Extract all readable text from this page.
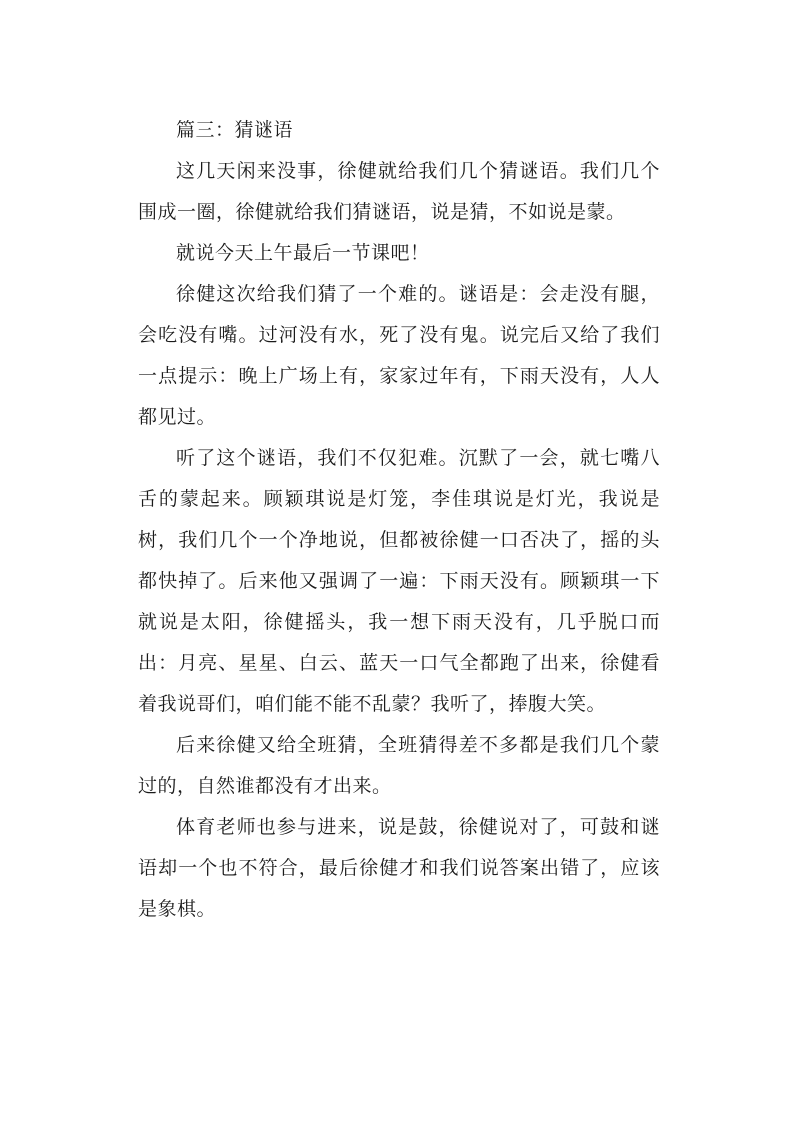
篇三：猜谜语

这几天闲来没事，徐健就给我们几个猜谜语。我们几个围成一圈，徐健就给我们猜谜语，说是猜，不如说是蒙。

就说今天上午最后一节课吧！

徐健这次给我们猜了一个难的。谜语是：会走没有腿，会吃没有嘴。过河没有水，死了没有鬼。说完后又给了我们一点提示：晚上广场上有，家家过年有，下雨天没有，人人都见过。

听了这个谜语，我们不仅犯难。沉默了一会，就七嘴八舌的蒙起来。顾颖琪说是灯笼，李佳琪说是灯光，我说是树，我们几个一个净地说，但都被徐健一口否决了，摇的头都快掉了。后来他又强调了一遍：下雨天没有。顾颖琪一下就说是太阳，徐健摇头，我一想下雨天没有，几乎脱口而出：月亮、星星、白云、蓝天一口气全都跑了出来，徐健看着我说哥们，咱们能不能不乱蒙？我听了，捧腹大笑。

后来徐健又给全班猜，全班猜得差不多都是我们几个蒙过的，自然谁都没有才出来。

体育老师也参与进来，说是鼓，徐健说对了，可鼓和谜语却一个也不符合，最后徐健才和我们说答案出错了，应该是象棋。
